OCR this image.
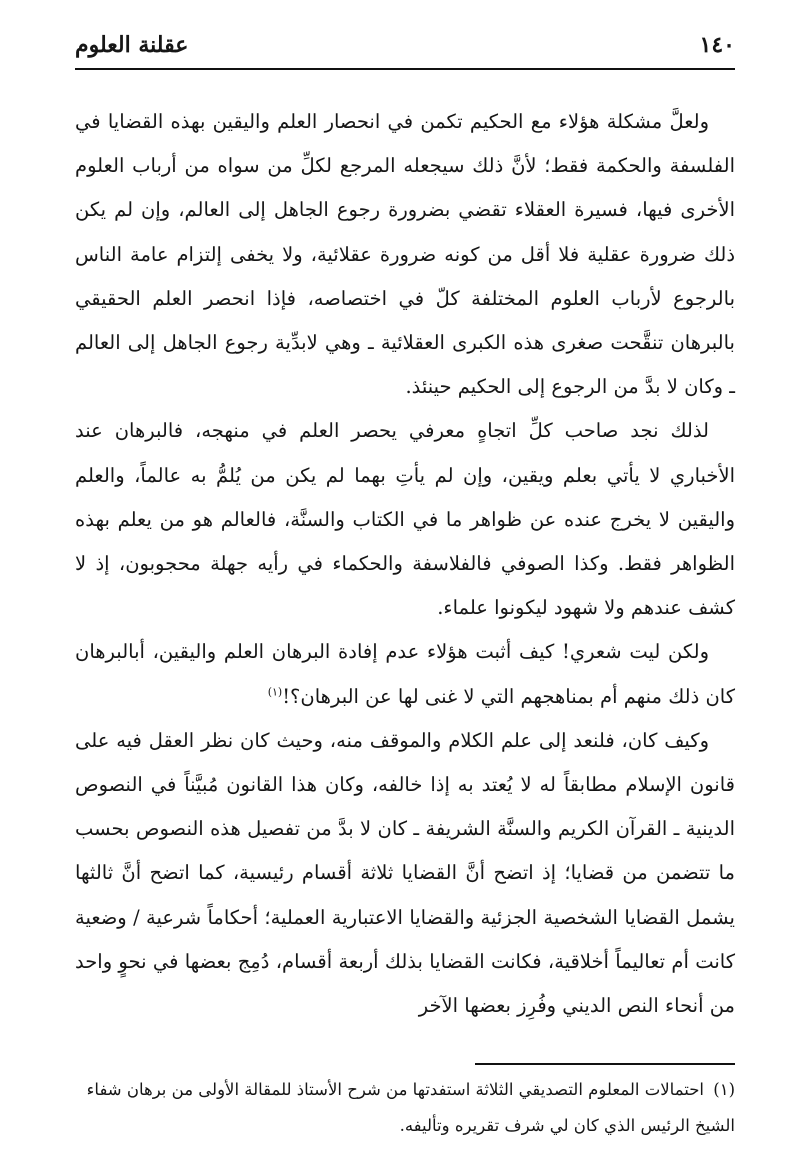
١٤٠
عقلنة العلوم

ولعلَّ مشكلة هؤلاء مع الحكيم تكمن في انحصار العلم واليقين بهذه القضايا في الفلسفة والحكمة فقط؛ لأنَّ ذلك سيجعله المرجع لكلِّ من سواه من أرباب العلوم الأخرى فيها، فسيرة العقلاء تقضي بضرورة رجوع الجاهل إلى العالم، وإن لم يكن ذلك ضرورة عقلية فلا أقل من كونه ضرورة عقلائية، ولا يخفى إلتزام عامة الناس بالرجوع لأرباب العلوم المختلفة كلّ في اختصاصه، فإذا انحصر العلم الحقيقي بالبرهان تنقَّحت صغرى هذه الكبرى العقلائية ـ وهي لابدِّية رجوع الجاهل إلى العالم ـ وكان لا بدَّ من الرجوع إلى الحكيم حينئذ.

لذلك نجد صاحب كلِّ اتجاهٍ معرفي يحصر العلم في منهجه، فالبرهان عند الأخباري لا يأتي بعلم ويقين، وإن لم يأتِ بهما لم يكن من يُلمُّ به عالماً، والعلم واليقين لا يخرج عنده عن ظواهر ما في الكتاب والسنَّة، فالعالم هو من يعلم بهذه الظواهر فقط. وكذا الصوفي فالفلاسفة والحكماء في رأيه جهلة محجوبون، إذ لا كشف عندهم ولا شهود ليكونوا علماء.

ولكن ليت شعري! كيف أثبت هؤلاء عدم إفادة البرهان العلم واليقين، أبالبرهان كان ذلك منهم أم بمناهجهم التي لا غنى لها عن البرهان؟!$^{(١)}$

وكيف كان، فلنعد إلى علم الكلام والموقف منه، وحيث كان نظر العقل فيه على قانون الإسلام مطابقاً له لا يُعتد به إذا خالفه، وكان هذا القانون مُبيَّناً في النصوص الدينية ـ القرآن الكريم والسنَّة الشريفة ـ كان لا بدَّ من تفصيل هذه النصوص بحسب ما تتضمن من قضايا؛ إذ اتضح أنَّ القضايا ثلاثة أقسام رئيسية، كما اتضح أنَّ ثالثها يشمل القضايا الشخصية الجزئية والقضايا الاعتبارية العملية؛ أحكاماً شرعية / وضعية كانت أم تعاليماً أخلاقية، فكانت القضايا بذلك أربعة أقسام، دُمِج بعضها في نحوٍ واحد من أنحاء النص الديني وفُرِز بعضها الآخر

(١) احتمالات المعلوم التصديقي الثلاثة استفدتها من شرح الأستاذ للمقالة الأولى من برهان شفاء الشيخ الرئيس الذي كان لي شرف تقريره وتأليفه.
